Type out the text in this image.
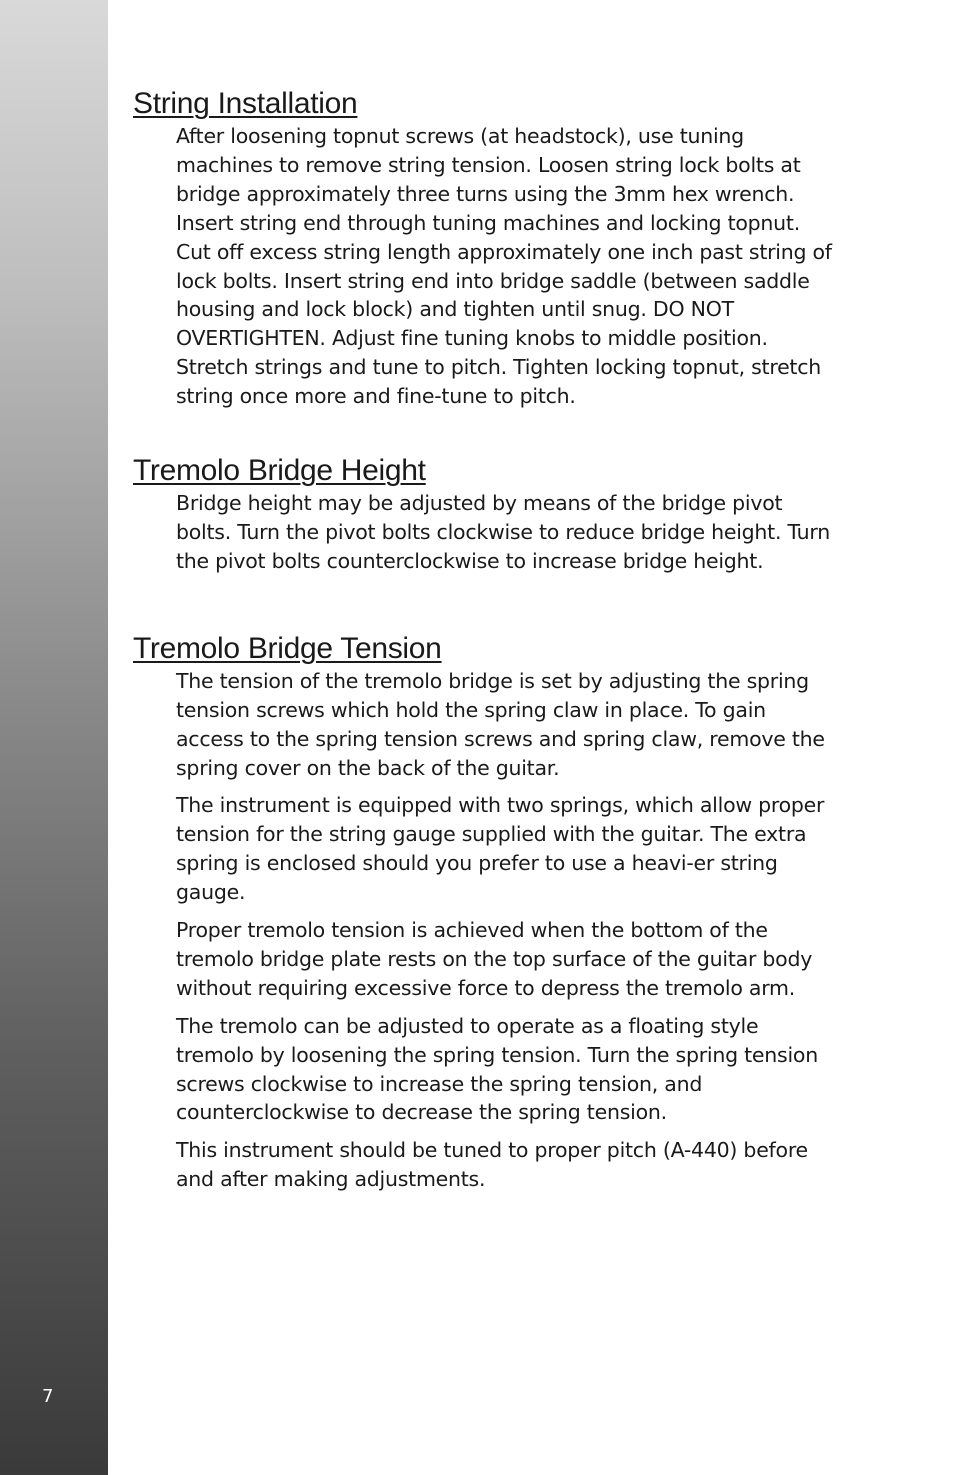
7
String Installation

After loosening topnut screws (at headstock), use tuning machines to remove string tension. Loosen string lock bolts at bridge approximately three turns using the 3mm hex wrench. Insert string end through tuning machines and locking topnut. Cut off excess string length approximately one inch past string of lock bolts. Insert string end into bridge saddle (between saddle housing and lock block) and tighten until snug. DO NOT OVERTIGHTEN. Adjust fine tuning knobs to middle position. Stretch strings and tune to pitch. Tighten locking topnut, stretch string once more and fine-tune to pitch.

Tremolo Bridge Height

Bridge height may be adjusted by means of the bridge pivot bolts. Turn the pivot bolts clockwise to reduce bridge height. Turn the pivot bolts counterclockwise to increase bridge height.

Tremolo Bridge Tension

The tension of the tremolo bridge is set by adjusting the spring tension screws which hold the spring claw in place. To gain access to the spring tension screws and spring claw, remove the spring cover on the back of the guitar.

The instrument is equipped with two springs, which allow proper tension for the string gauge supplied with the guitar. The extra spring is enclosed should you prefer to use a heavi-er string gauge.

Proper tremolo tension is achieved when the bottom of the tremolo bridge plate rests on the top surface of the guitar body without requiring excessive force to depress the tremolo arm.

The tremolo can be adjusted to operate as a floating style tremolo by loosening the spring tension. Turn the spring tension screws clockwise to increase the spring tension, and counterclockwise to decrease the spring tension.

This instrument should be tuned to proper pitch (A-440) before and after making adjustments.
